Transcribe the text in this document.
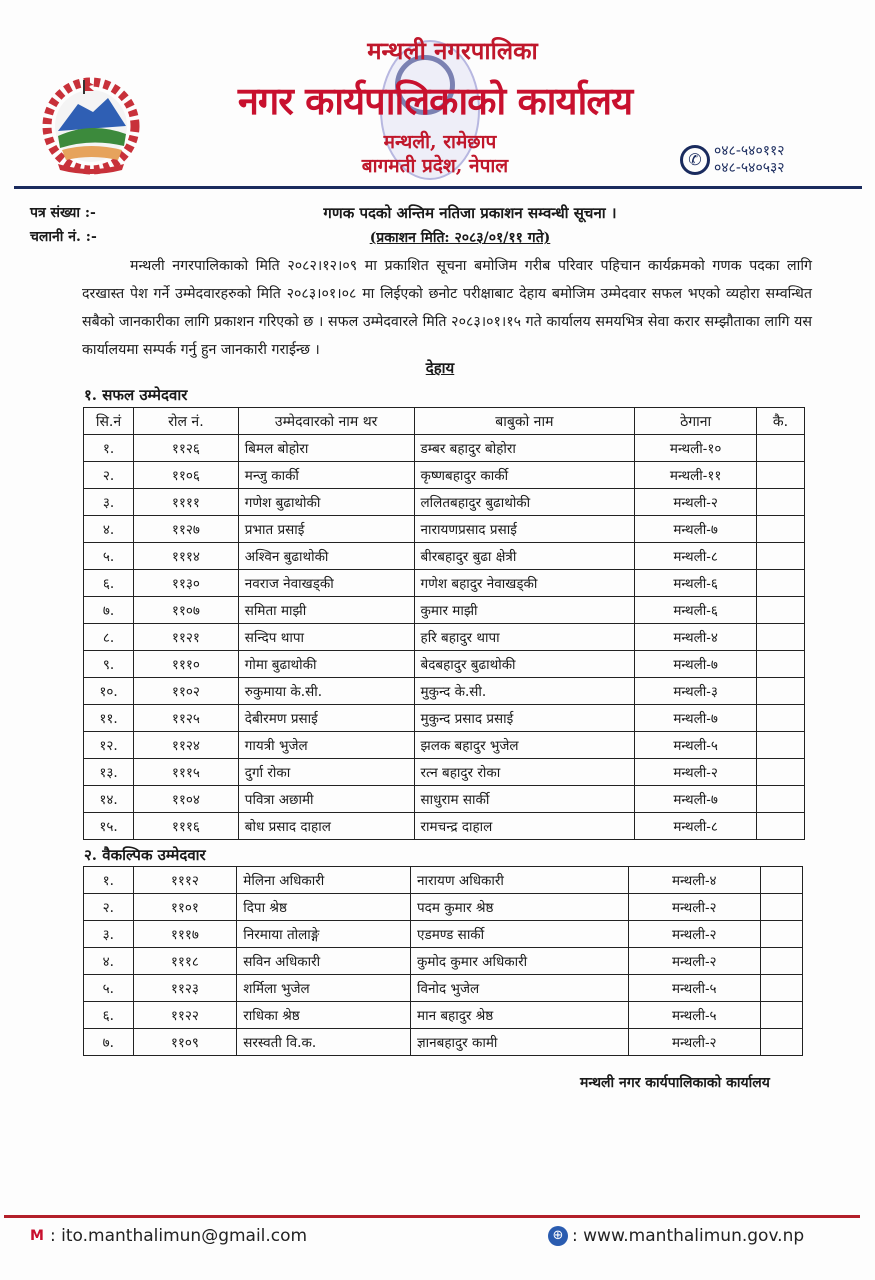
मन्थली नगरपालिका
नगर कार्यपालिकाको कार्यालय
मन्थली, रामेछाप
बागमती प्रदेश, नेपाल	✆ ०४८-५४०११२
०४८-५४०५३२
पत्र संख्या :-
चलानी नं. :-
गणक पदको अन्तिम नतिजा प्रकाशन सम्वन्धी सूचना ।
(प्रकाशन मिति: २०८३/०१/११ गते)

मन्थली नगरपालिकाको मिति २०८२।१२।०९ मा प्रकाशित सूचना बमोजिम गरीब परिवार पहिचान कार्यक्रमको गणक पदका लागि दरखास्त पेश गर्ने उम्मेदवारहरुको मिति २०८३।०१।०८ मा लिईएको छनोट परीक्षाबाट देहाय बमोजिम उम्मेदवार सफल भएको व्यहोरा सम्वन्धित सबैको जानकारीका लागि प्रकाशन गरिएको छ । सफल उम्मेदवारले मिति २०८३।०१।१५ गते कार्यालय समयभित्र सेवा करार सम्झौताका लागि यस कार्यालयमा सम्पर्क गर्नु हुन जानकारी गराईन्छ ।

देहाय
१. सफल उम्मेदवार
सि.नं	रोल नं.	उम्मेदवारको नाम थर	बाबुको नाम	ठेगाना	कै.
१.	११२६	बिमल बोहोरा	डम्बर बहादुर बोहोरा	मन्थली-१०	
२.	११०६	मन्जु कार्की	कृष्णबहादुर कार्की	मन्थली-११	
३.	११११	गणेश बुढाथोकी	ललितबहादुर बुढाथोकी	मन्थली-२	
४.	११२७	प्रभात प्रसाई	नारायणप्रसाद प्रसाई	मन्थली-७	
५.	१११४	अश्विन बुढाथोकी	बीरबहादुर बुढा क्षेत्री	मन्थली-८	
६.	११३०	नवराज नेवाखड्की	गणेश बहादुर नेवाखड्की	मन्थली-६	
७.	११०७	समिता माझी	कुमार माझी	मन्थली-६	
८.	११२१	सन्दिप थापा	हरि बहादुर थापा	मन्थली-४	
९.	१११०	गोमा बुढाथोकी	बेदबहादुर बुढाथोकी	मन्थली-७	
१०.	११०२	रुकुमाया के.सी.	मुकुन्द के.सी.	मन्थली-३	
११.	११२५	देबीरमण प्रसाई	मुकुन्द प्रसाद प्रसाई	मन्थली-७	
१२.	११२४	गायत्री भुजेल	झलक बहादुर भुजेल	मन्थली-५	
१३.	१११५	दुर्गा रोका	रत्न बहादुर रोका	मन्थली-२	
१४.	११०४	पवित्रा अछामी	साधुराम सार्की	मन्थली-७	
१५.	१११६	बोध प्रसाद दाहाल	रामचन्द्र दाहाल	मन्थली-८	
२. वैकल्पिक उम्मेदवार
१.	१११२	मेलिना अधिकारी	नारायण अधिकारी	मन्थली-४	
२.	११०१	दिपा श्रेष्ठ	पदम कुमार श्रेष्ठ	मन्थली-२	
३.	१११७	निरमाया तोलाङ्गे	एडमण्ड सार्की	मन्थली-२	
४.	१११८	सविन अधिकारी	कुमोद कुमार अधिकारी	मन्थली-२	
५.	११२३	शर्मिला भुजेल	विनोद भुजेल	मन्थली-५	
६.	११२२	राधिका श्रेष्ठ	मान बहादुर श्रेष्ठ	मन्थली-५	
७.	११०९	सरस्वती वि.क.	ज्ञानबहादुर कामी	मन्थली-२	
मन्थली नगर कार्यपालिकाको कार्यालय
M : ito.manthalimun@gmail.com	⊕ : www.manthalimun.gov.np
